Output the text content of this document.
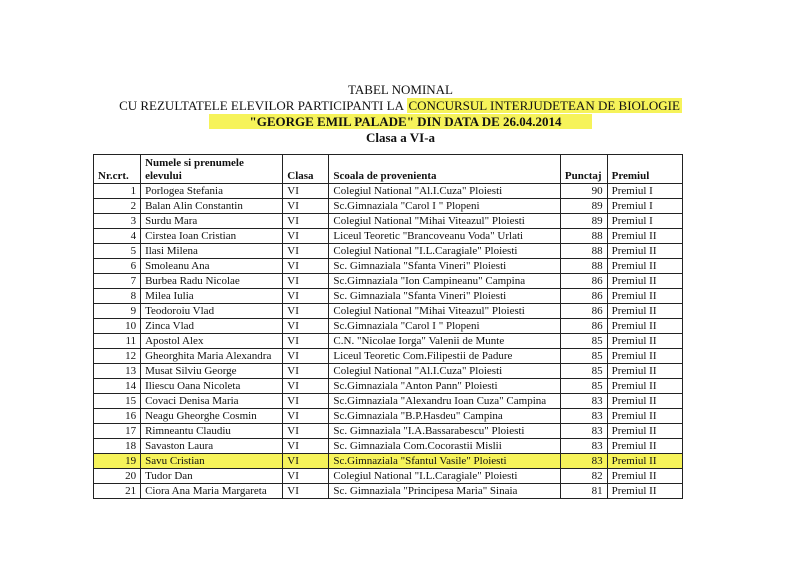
TABEL NOMINAL

CU REZULTATELE ELEVILOR PARTICIPANTI LA CONCURSUL INTERJUDETEAN DE BIOLOGIE

"GEORGE EMIL PALADE" DIN DATA DE 26.04.2014

Clasa a VI-a

Nr.crt.	Numele si prenumele elevului	Clasa	Scoala de provenienta	Punctaj	Premiul
1	Porlogea Stefania	VI	Colegiul National "Al.I.Cuza" Ploiesti	90	Premiul I
2	Balan Alin Constantin	VI	Sc.Gimnaziala "Carol I " Plopeni	89	Premiul I
3	Surdu Mara	VI	Colegiul National "Mihai Viteazul" Ploiesti	89	Premiul I
4	Cirstea Ioan Cristian	VI	Liceul Teoretic "Brancoveanu Voda" Urlati	88	Premiul II
5	Ilasi Milena	VI	Colegiul National "I.L.Caragiale" Ploiesti	88	Premiul II
6	Smoleanu Ana	VI	Sc. Gimnaziala "Sfanta Vineri" Ploiesti	88	Premiul II
7	Burbea Radu Nicolae	VI	Sc.Gimnaziala "Ion Campineanu" Campina	86	Premiul II
8	Milea Iulia	VI	Sc. Gimnaziala "Sfanta Vineri" Ploiesti	86	Premiul II
9	Teodoroiu Vlad	VI	Colegiul National "Mihai Viteazul" Ploiesti	86	Premiul II
10	Zinca Vlad	VI	Sc.Gimnaziala "Carol I " Plopeni	86	Premiul II
11	Apostol Alex	VI	C.N. "Nicolae Iorga" Valenii de Munte	85	Premiul II
12	Gheorghita Maria Alexandra	VI	Liceul Teoretic Com.Filipestii de Padure	85	Premiul II
13	Musat Silviu George	VI	Colegiul National "Al.I.Cuza" Ploiesti	85	Premiul II
14	Iliescu Oana Nicoleta	VI	Sc.Gimnaziala "Anton Pann" Ploiesti	85	Premiul II
15	Covaci Denisa Maria	VI	Sc.Gimnaziala "Alexandru Ioan Cuza" Campina	83	Premiul II
16	Neagu Gheorghe Cosmin	VI	Sc.Gimnaziala "B.P.Hasdeu" Campina	83	Premiul II
17	Rimneantu Claudiu	VI	Sc. Gimnaziala "I.A.Bassarabescu" Ploiesti	83	Premiul II
18	Savaston Laura	VI	Sc. Gimnaziala Com.Cocorastii Mislii	83	Premiul II
19	Savu Cristian	VI	Sc.Gimnaziala "Sfantul Vasile" Ploiesti	83	Premiul II
20	Tudor Dan	VI	Colegiul National "I.L.Caragiale" Ploiesti	82	Premiul II
21	Ciora Ana Maria Margareta	VI	Sc. Gimnaziala "Principesa Maria" Sinaia	81	Premiul II
